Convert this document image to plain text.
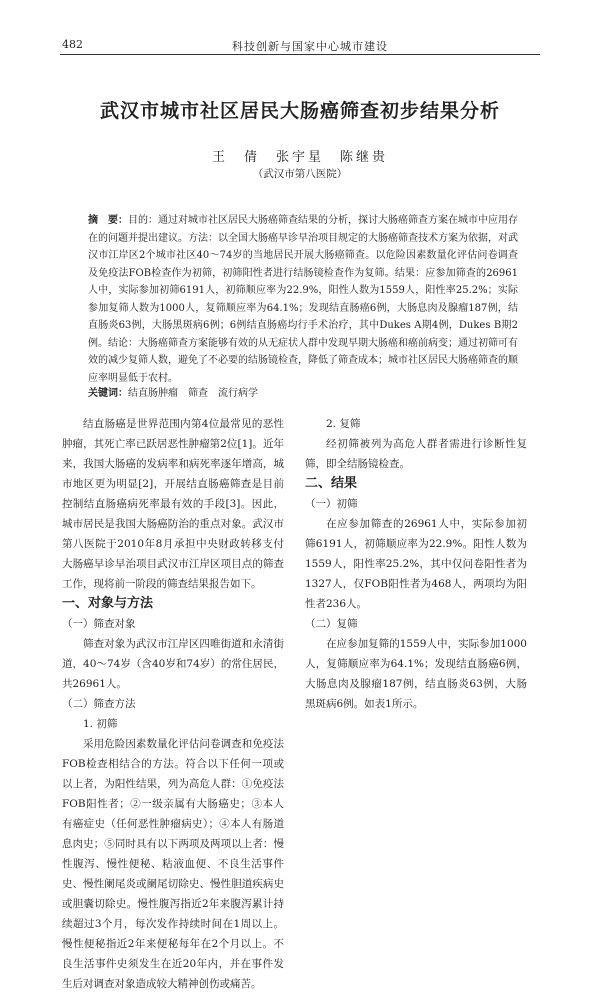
482	科技创新与国家中心城市建设
武汉市城市社区居民大肠癌筛查初步结果分析
王　倩　张宇星　陈继贵
（武汉市第八医院）
摘　要：目的：通过对城市社区居民大肠癌筛查结果的分析，探讨大肠癌筛查方案在城市中应用存在的问题并提出建议。方法：以全国大肠癌早诊早治项目规定的大肠癌筛查技术方案为依据，对武汉市江岸区2个城市社区40～74岁的当地居民开展大肠癌筛查。以危险因素数量化评估问卷调查及免疫法FOB检查作为初筛，初筛阳性者进行结肠镜检查作为复筛。结果：应参加筛查的26961人中，实际参加初筛6191人，初筛顺应率为22.9%，阳性人数为1559人，阳性率25.2%；实际参加复筛人数为1000人，复筛顺应率为64.1%；发现结直肠癌6例，大肠息肉及腺瘤187例，结直肠炎63例，大肠黑斑病6例；6例结直肠癌均行手术治疗，其中Dukes A期4例，Dukes B期2例。结论：大肠癌筛查方案能够有效的从无症状人群中发现早期大肠癌和癌前病变；通过初筛可有效的减少复筛人数，避免了不必要的结肠镜检查，降低了筛查成本；城市社区居民大肠癌筛查的顺应率明显低于农村。
关键词：结直肠肿瘤　筛查　流行病学

结直肠癌是世界范围内第4位最常见的恶性肿瘤，其死亡率已跃居恶性肿瘤第2位[1]。近年来，我国大肠癌的发病率和病死率逐年增高，城市地区更为明显[2]，开展结直肠癌筛查是目前控制结直肠癌病死率最有效的手段[3]。因此，城市居民是我国大肠癌防治的重点对象。武汉市第八医院于2010年8月承担中央财政转移支付大肠癌早诊早治项目武汉市江岸区项目点的筛查工作，现将前一阶段的筛查结果报告如下。

一、对象与方法

（一）筛查对象

筛查对象为武汉市江岸区四唯街道和永清街道，40～74岁（含40岁和74岁）的常住居民，共26961人。

（二）筛查方法

1. 初筛

采用危险因素数量化评估问卷调查和免疫法FOB检查相结合的方法。符合以下任何一项或以上者，为阳性结果，列为高危人群：①免疫法FOB阳性者；②一级亲属有大肠癌史；③本人有癌症史（任何恶性肿瘤病史）；④本人有肠道息肉史；⑤同时具有以下两项及两项以上者：慢性腹泻、慢性便秘、粘液血便、不良生活事件史、慢性阑尾炎或阑尾切除史、慢性胆道疾病史或胆囊切除史。慢性腹泻指近2年来腹泻累计持续超过3个月，每次发作持续时间在1周以上。慢性便秘指近2年来便秘每年在2个月以上。不良生活事件史须发生在近20年内，并在事件发生后对调查对象造成较大精神创伤或痛苦。

2. 复筛

经初筛被列为高危人群者需进行诊断性复筛，即全结肠镜检查。

二、结果

（一）初筛

在应参加筛查的26961人中，实际参加初筛6191人，初筛顺应率为22.9%。阳性人数为1559人，阳性率25.2%，其中仅问卷阳性者为1327人，仅FOB阳性者为468人，两项均为阳性者236人。

（二）复筛

在应参加复筛的1559人中，实际参加1000人，复筛顺应率为64.1%；发现结直肠癌6例，大肠息肉及腺瘤187例，结直肠炎63例，大肠黑斑病6例。如表1所示。
